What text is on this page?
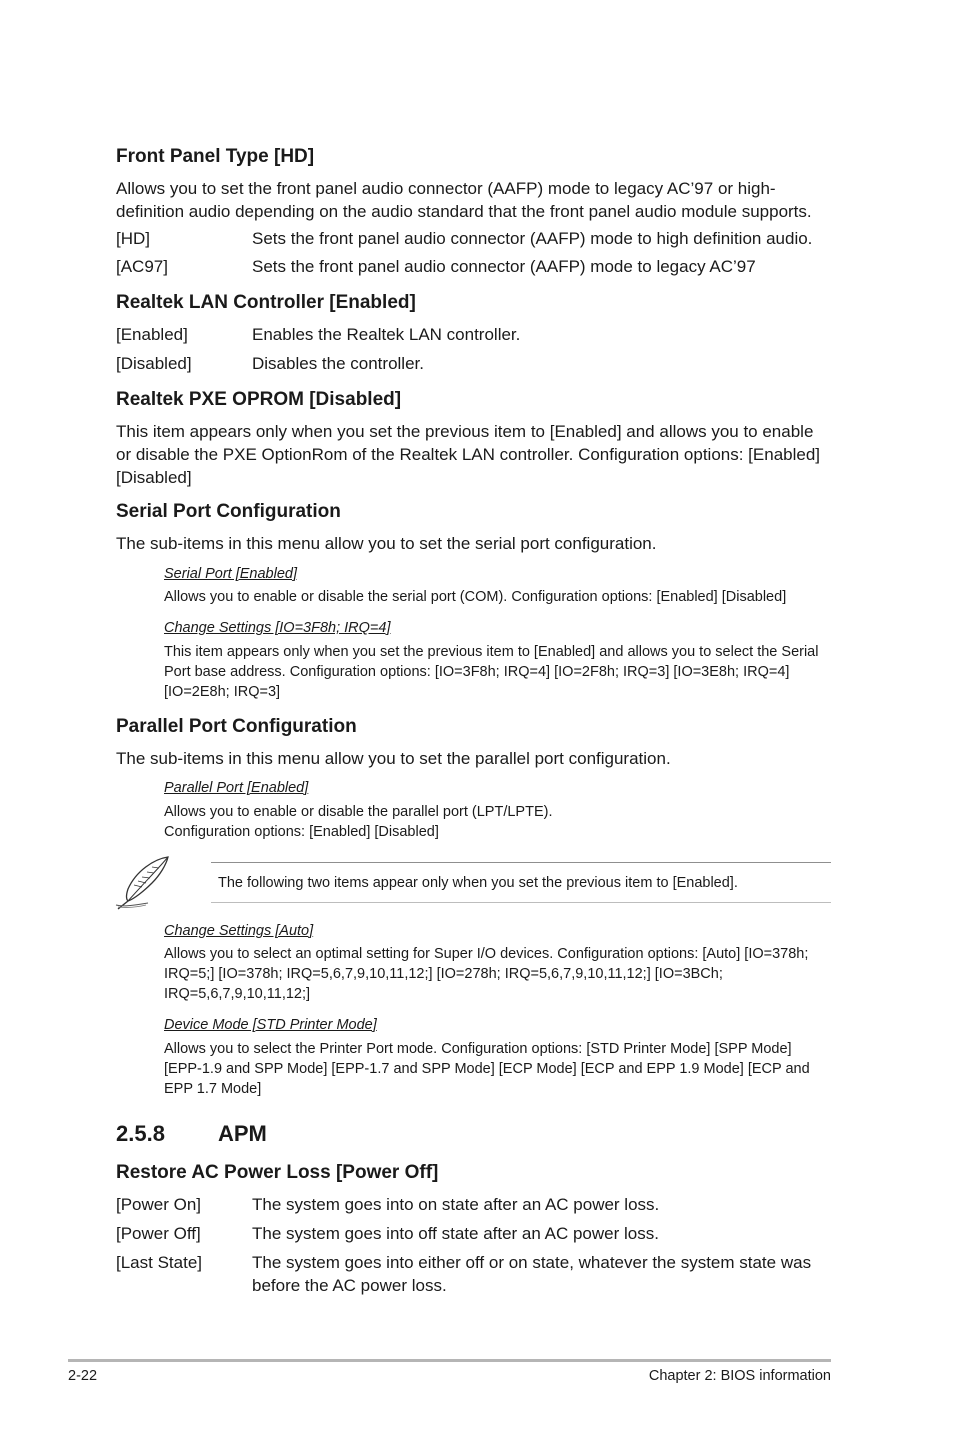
Front Panel Type [HD]
Allows you to set the front panel audio connector (AAFP) mode to legacy AC’97 or high-definition audio depending on the audio standard that the front panel audio module supports.
[HD]	Sets the front panel audio connector (AAFP) mode to high definition audio.
[AC97]	Sets the front panel audio connector (AAFP) mode to legacy AC’97
Realtek LAN Controller [Enabled]
[Enabled]	Enables the Realtek LAN controller.
[Disabled]	Disables the controller.
Realtek PXE OPROM [Disabled]
This item appears only when you set the previous item to [Enabled] and allows you to enable or disable the PXE OptionRom of the Realtek LAN controller. Configuration options: [Enabled] [Disabled]
Serial Port Configuration
The sub-items in this menu allow you to set the serial port configuration.
Serial Port [Enabled]
Allows you to enable or disable the serial port (COM). Configuration options: [Enabled] [Disabled]
Change Settings [IO=3F8h; IRQ=4]
This item appears only when you set the previous item to [Enabled] and allows you to select the Serial Port base address. Configuration options: [IO=3F8h; IRQ=4] [IO=2F8h; IRQ=3] [IO=3E8h; IRQ=4] [IO=2E8h; IRQ=3]
Parallel Port Configuration
The sub-items in this menu allow you to set the parallel port configuration.
Parallel Port [Enabled]
Allows you to enable or disable the parallel port (LPT/LPTE).
Configuration options: [Enabled] [Disabled]
The following two items appear only when you set the previous item to [Enabled].
Change Settings [Auto]
Allows you to select an optimal setting for Super I/O devices. Configuration options: [Auto] [IO=378h; IRQ=5;] [IO=378h; IRQ=5,6,7,9,10,11,12;] [IO=278h; IRQ=5,6,7,9,10,11,12;] [IO=3BCh; IRQ=5,6,7,9,10,11,12;]
Device Mode [STD Printer Mode]
Allows you to select the Printer Port mode. Configuration options: [STD Printer Mode] [SPP Mode] [EPP-1.9 and SPP Mode] [EPP-1.7 and SPP Mode] [ECP Mode] [ECP and EPP 1.9 Mode] [ECP and EPP 1.7 Mode]
2.5.8 APM
Restore AC Power Loss [Power Off]
[Power On]	The system goes into on state after an AC power loss.
[Power Off]	The system goes into off state after an AC power loss.
[Last State]	The system goes into either off or on state, whatever the system state was before the AC power loss.
2-22	Chapter 2: BIOS information
